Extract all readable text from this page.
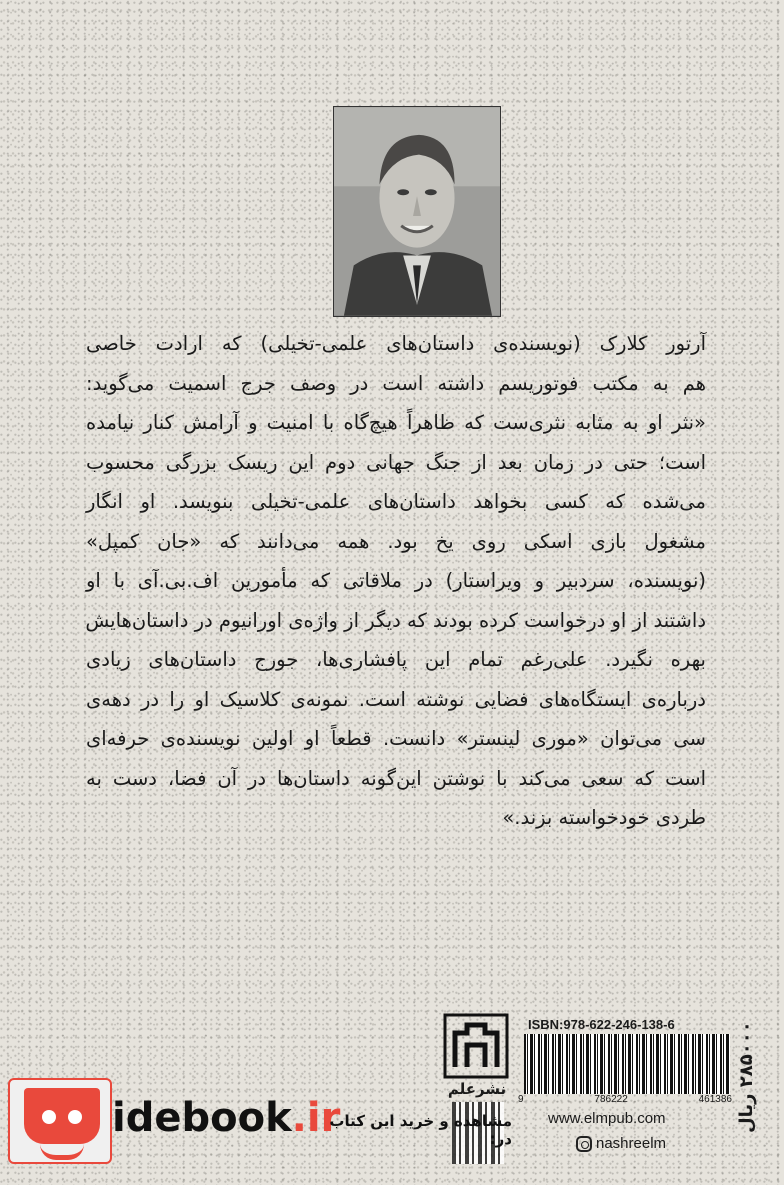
آرتور کلارک (نویسنده‌ی داستان‌های علمی-تخیلی) که ارادت خاصی

هم به مکتب فوتوریسم داشته است در وصف جرج اسمیت می‌گوید:

«نثر او به مثابه نثری‌ست که ظاهراً هیچ‌گاه با امنیت و آرامش کنار نیامده

است؛ حتی در زمان بعد از جنگ جهانی دوم این ریسک بزرگی محسوب

می‌شده که کسی بخواهد داستان‌های علمی-تخیلی بنویسد. او انگار

مشغول بازی اسکی روی یخ بود. همه می‌دانند که «جان کمپل»

(نویسنده، سردبیر و ویراستار) در ملاقاتی که مأمورین اف.بی.آی با او

داشتند از او درخواست کرده بودند که دیگر از واژه‌ی اورانیوم در داستان‌هایش

بهره نگیرد. علی‌رغم تمام این پافشاری‌ها، جورج داستان‌های زیادی

درباره‌ی ایستگاه‌های فضایی نوشته است. نمونه‌ی کلاسیک او را در دهه‌ی

سی می‌توان «موری لینستر» دانست. قطعاً او اولین نویسنده‌ی حرفه‌ای

است که سعی می‌کند با نوشتن این‌گونه داستان‌ها در آن فضا، دست به

طردی خودخواسته بزند.»

نشرعلم
ISBN:978-622-246-138-6
9	786222	461386
www.elmpub.com
nashreelm
۲۸۵۰۰۰ ریال
idebook.ir
مشاهده و خرید این کتاب در:
